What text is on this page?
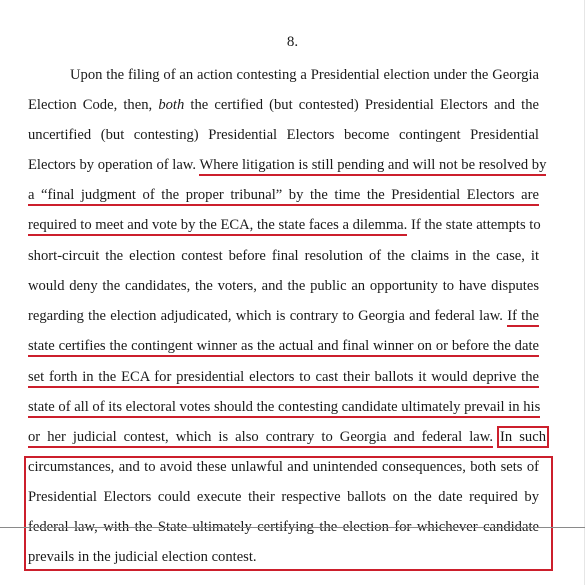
8.
Upon the filing of an action contesting a Presidential election under the Georgia
Election Code, then, both the certified (but contested) Presidential Electors and the
uncertified (but contesting) Presidential Electors become contingent Presidential
Electors by operation of law. Where litigation is still pending and will not be resolved by
a “final judgment of the proper tribunal” by the time the Presidential Electors are
required to meet and vote by the ECA, the state faces a dilemma. If the state attempts to
short-circuit the election contest before final resolution of the claims in the case, it
would deny the candidates, the voters, and the public an opportunity to have disputes
regarding the election adjudicated, which is contrary to Georgia and federal law. If the
state certifies the contingent winner as the actual and final winner on or before the date
set forth in the ECA for presidential electors to cast their ballots it would deprive the
state of all of its electoral votes should the contesting candidate ultimately prevail in his
or her judicial contest, which is also contrary to Georgia and federal law. In such
circumstances, and to avoid these unlawful and unintended consequences, both sets of
Presidential Electors could execute their respective ballots on the date required by
federal law, with the State ultimately certifying the election for whichever candidate
prevails in the judicial election contest.
